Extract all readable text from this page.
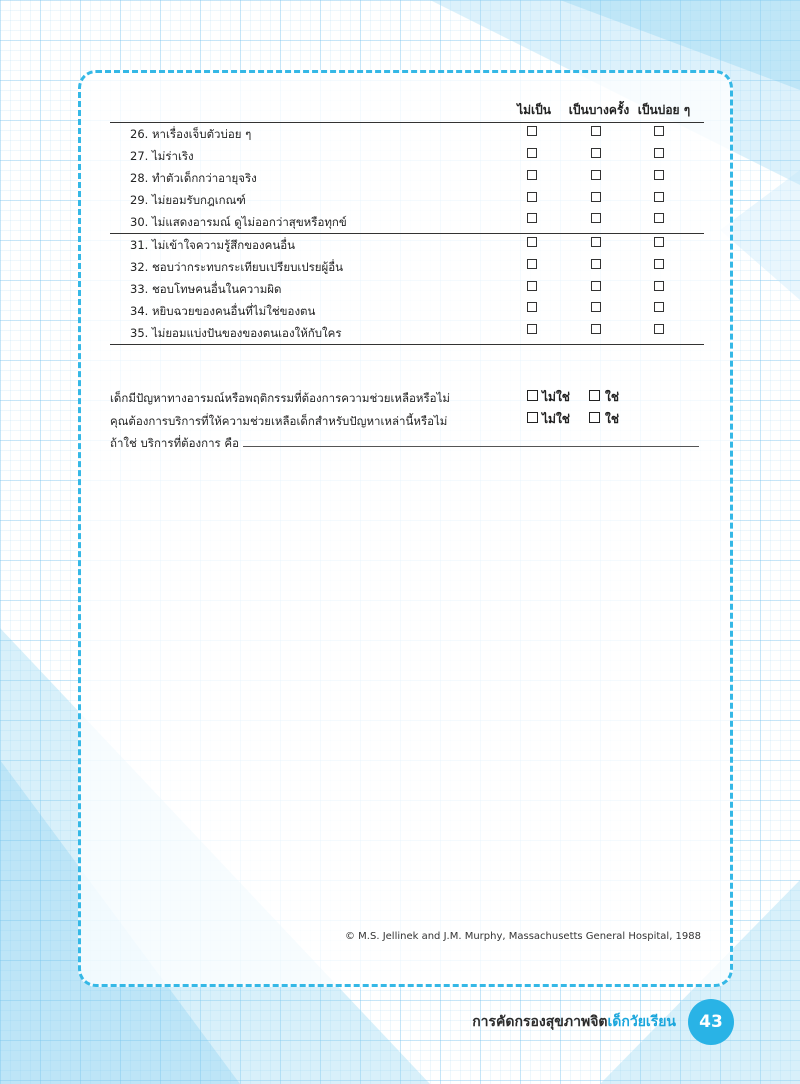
ไม่เป็น	เป็นบางครั้ง เป็นบ่อย ๆ
26. หาเรื่องเจ็บตัวบ่อย ๆ
27. ไม่ร่าเริง
28. ทำตัวเด็กกว่าอายุจริง
29. ไม่ยอมรับกฎเกณฑ์
30. ไม่แสดงอารมณ์ ดูไม่ออกว่าสุขหรือทุกข์
31. ไม่เข้าใจความรู้สึกของคนอื่น
32. ชอบว่ากระทบกระเทียบเปรียบเปรยผู้อื่น
33. ชอบโทษคนอื่นในความผิด
34. หยิบฉวยของคนอื่นที่ไม่ใช่ของตน
35. ไม่ยอมแบ่งปันของของตนเองให้กับใคร
เด็กมีปัญหาทางอารมณ์หรือพฤติกรรมที่ต้องการความช่วยเหลือหรือไม่	ไม่ใช่	ใช่
คุณต้องการบริการที่ให้ความช่วยเหลือเด็กสำหรับปัญหาเหล่านี้หรือไม่	ไม่ใช่	ใช่
ถ้าใช่ บริการที่ต้องการ คือ
© M.S. Jellinek and J.M. Murphy, Massachusetts General Hospital, 1988
การคัดกรองสุขภาพจิตเด็กวัยเรียน	43
